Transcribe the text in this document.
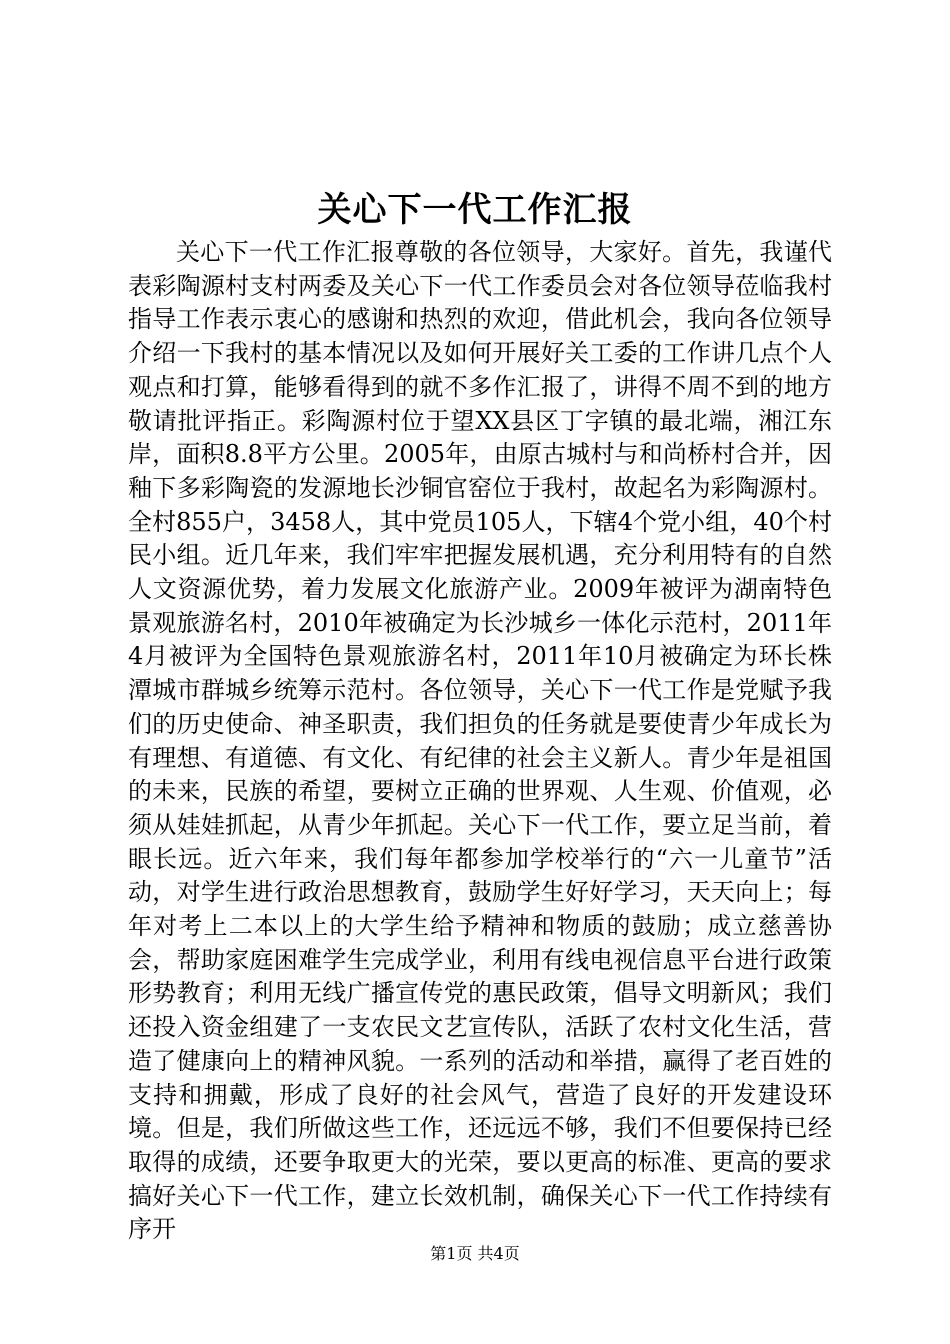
关心下一代工作汇报

关心下一代工作汇报尊敬的各位领导，大家好。首先，我谨代表彩陶源村支村两委及关心下一代工作委员会对各位领导莅临我村指导工作表示衷心的感谢和热烈的欢迎，借此机会，我向各位领导介绍一下我村的基本情况以及如何开展好关工委的工作讲几点个人观点和打算，能够看得到的就不多作汇报了，讲得不周不到的地方敬请批评指正。彩陶源村位于望XX县区丁字镇的最北端，湘江东岸，面积8.8平方公里。2005年，由原古城村与和尚桥村合并，因釉下多彩陶瓷的发源地长沙铜官窑位于我村，故起名为彩陶源村。全村855户，3458人，其中党员105人，下辖4个党小组，40个村民小组。近几年来，我们牢牢把握发展机遇，充分利用特有的自然人文资源优势，着力发展文化旅游产业。2009年被评为湖南特色景观旅游名村，2010年被确定为长沙城乡一体化示范村，2011年4月被评为全国特色景观旅游名村，2011年10月被确定为环长株潭城市群城乡统筹示范村。各位领导，关心下一代工作是党赋予我们的历史使命、神圣职责，我们担负的任务就是要使青少年成长为有理想、有道德、有文化、有纪律的社会主义新人。青少年是祖国的未来，民族的希望，要树立正确的世界观、人生观、价值观，必须从娃娃抓起，从青少年抓起。关心下一代工作，要立足当前，着眼长远。近六年来，我们每年都参加学校举行的“六一儿童节”活动，对学生进行政治思想教育，鼓励学生好好学习，天天向上；每年对考上二本以上的大学生给予精神和物质的鼓励；成立慈善协会，帮助家庭困难学生完成学业，利用有线电视信息平台进行政策形势教育；利用无线广播宣传党的惠民政策，倡导文明新风；我们还投入资金组建了一支农民文艺宣传队，活跃了农村文化生活，营造了健康向上的精神风貌。一系列的活动和举措，赢得了老百姓的支持和拥戴，形成了良好的社会风气，营造了良好的开发建设环境。但是，我们所做这些工作，还远远不够，我们不但要保持已经取得的成绩，还要争取更大的光荣，要以更高的标准、更高的要求搞好关心下一代工作，建立长效机制，确保关心下一代工作持续有序开

第1页 共4页
